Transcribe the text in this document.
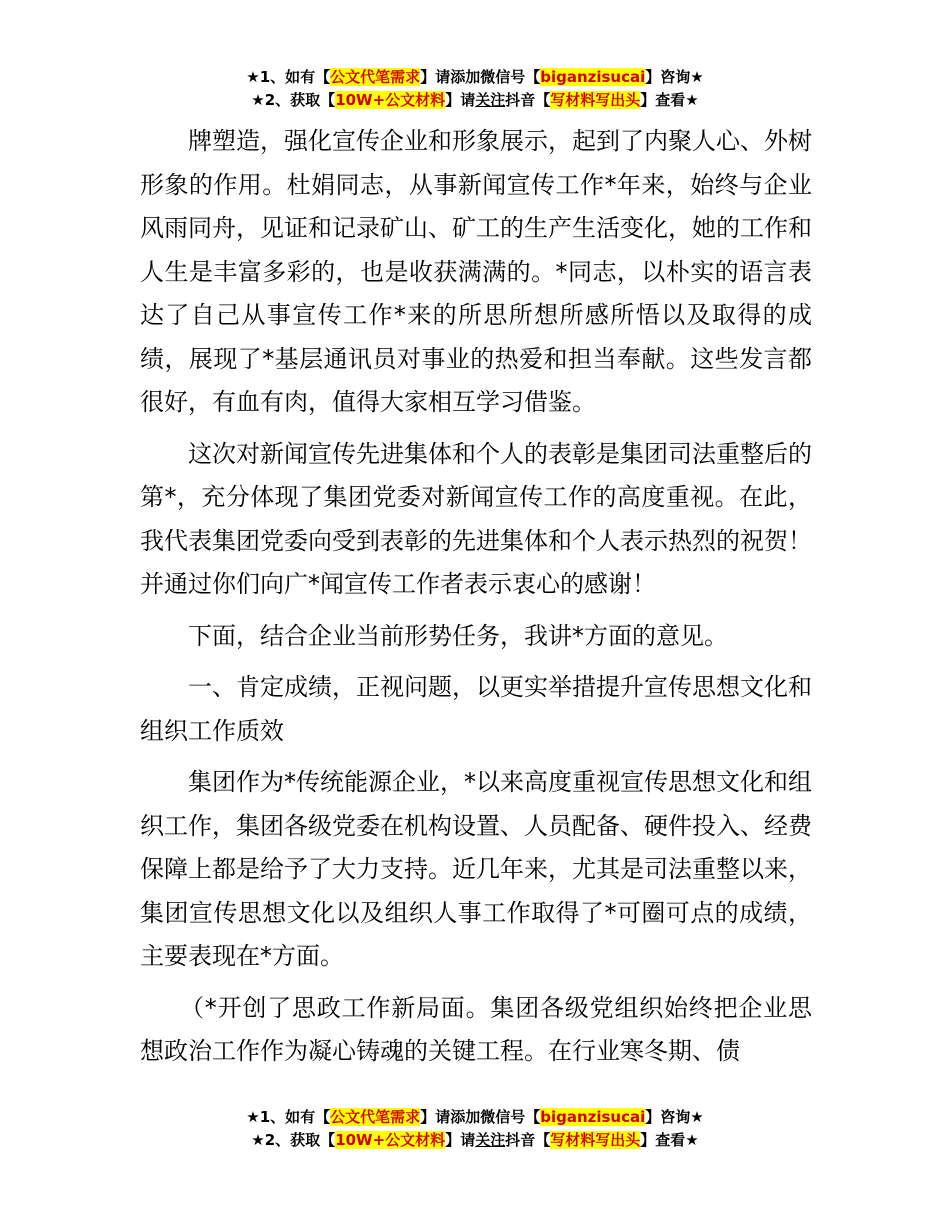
★1、如有【公文代笔需求】请添加微信号【biganzisucai】咨询★
★2、获取【10W+公文材料】请关注抖音【写材料写出头】查看★

牌塑造，强化宣传企业和形象展示，起到了内聚人心、外树形象的作用。杜娟同志，从事新闻宣传工作*年来，始终与企业风雨同舟，见证和记录矿山、矿工的生产生活变化，她的工作和人生是丰富多彩的，也是收获满满的。*同志，以朴实的语言表达了自己从事宣传工作*来的所思所想所感所悟以及取得的成绩，展现了*基层通讯员对事业的热爱和担当奉献。这些发言都很好，有血有肉，值得大家相互学习借鉴。

这次对新闻宣传先进集体和个人的表彰是集团司法重整后的第*，充分体现了集团党委对新闻宣传工作的高度重视。在此，我代表集团党委向受到表彰的先进集体和个人表示热烈的祝贺！并通过你们向广*闻宣传工作者表示衷心的感谢！

下面，结合企业当前形势任务，我讲*方面的意见。

一、肯定成绩，正视问题，以更实举措提升宣传思想文化和组织工作质效

集团作为*传统能源企业，*以来高度重视宣传思想文化和组织工作，集团各级党委在机构设置、人员配备、硬件投入、经费保障上都是给予了大力支持。近几年来，尤其是司法重整以来，集团宣传思想文化以及组织人事工作取得了*可圈可点的成绩，主要表现在*方面。

（*开创了思政工作新局面。集团各级党组织始终把企业思想政治工作作为凝心铸魂的关键工程。在行业寒冬期、债

★1、如有【公文代笔需求】请添加微信号【biganzisucai】咨询★
★2、获取【10W+公文材料】请关注抖音【写材料写出头】查看★
